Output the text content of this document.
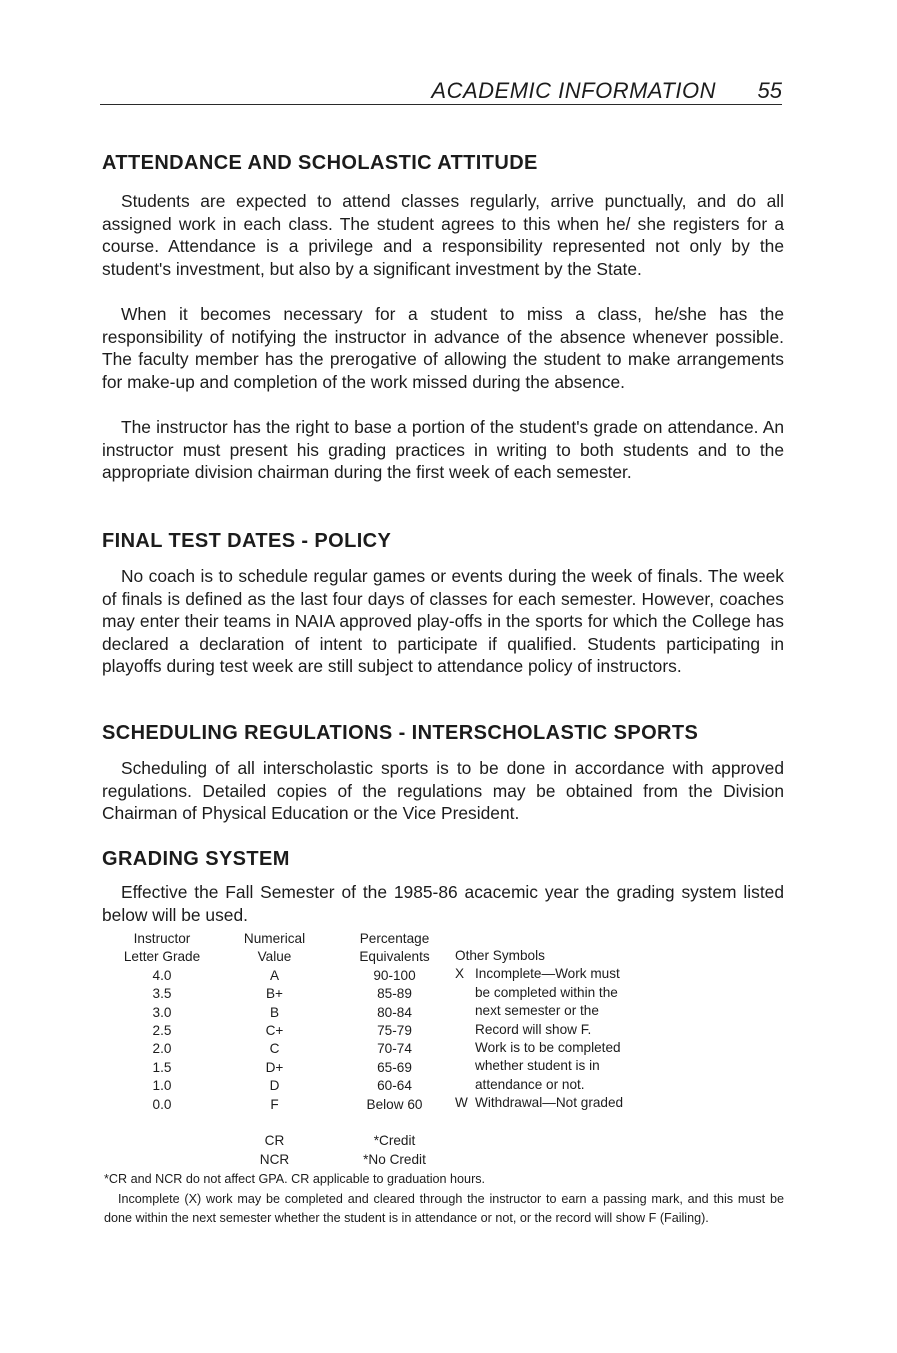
ACADEMIC INFORMATION 55
ATTENDANCE AND SCHOLASTIC ATTITUDE

Students are expected to attend classes regularly, arrive punctually, and do all assigned work in each class. The student agrees to this when he/ she registers for a course. Attendance is a privilege and a responsibility represented not only by the student's investment, but also by a significant investment by the State.

When it becomes necessary for a student to miss a class, he/she has the responsibility of notifying the instructor in advance of the absence whenever possible. The faculty member has the prerogative of allowing the student to make arrangements for make-up and completion of the work missed during the absence.

The instructor has the right to base a portion of the student's grade on attendance. An instructor must present his grading practices in writing to both students and to the appropriate division chairman during the first week of each semester.

FINAL TEST DATES - POLICY

No coach is to schedule regular games or events during the week of finals. The week of finals is defined as the last four days of classes for each semester. However, coaches may enter their teams in NAIA approved play-offs in the sports for which the College has declared a declaration of intent to participate if qualified. Students participating in playoffs during test week are still subject to attendance policy of instructors.

SCHEDULING REGULATIONS - INTERSCHOLASTIC SPORTS

Scheduling of all interscholastic sports is to be done in accordance with approved regulations. Detailed copies of the regulations may be obtained from the Division Chairman of Physical Education or the Vice President.

GRADING SYSTEM

Effective the Fall Semester of the 1985-86 acacemic year the grading system listed below will be used.

Instructor
Letter Grade
4.0
3.5
3.0
2.5
2.0
1.5
1.0
0.0
Numerical
Value
A
B+
B
C+
C
D+
D
F
Percentage
Equivalents
90-100
85-89
80-84
75-79
70-74
65-69
60-64
Below 60
Other Symbols
X Incomplete—Work must
be completed within the
next semester or the
Record will show F.
Work is to be completed
whether student is in
attendance or not.
W Withdrawal—Not graded
CR
NCR
*Credit
*No Credit

*CR and NCR do not affect GPA. CR applicable to graduation hours.

Incomplete (X) work may be completed and cleared through the instructor to earn a passing mark, and this must be done within the next semester whether the student is in attendance or not, or the record will show F (Failing).
